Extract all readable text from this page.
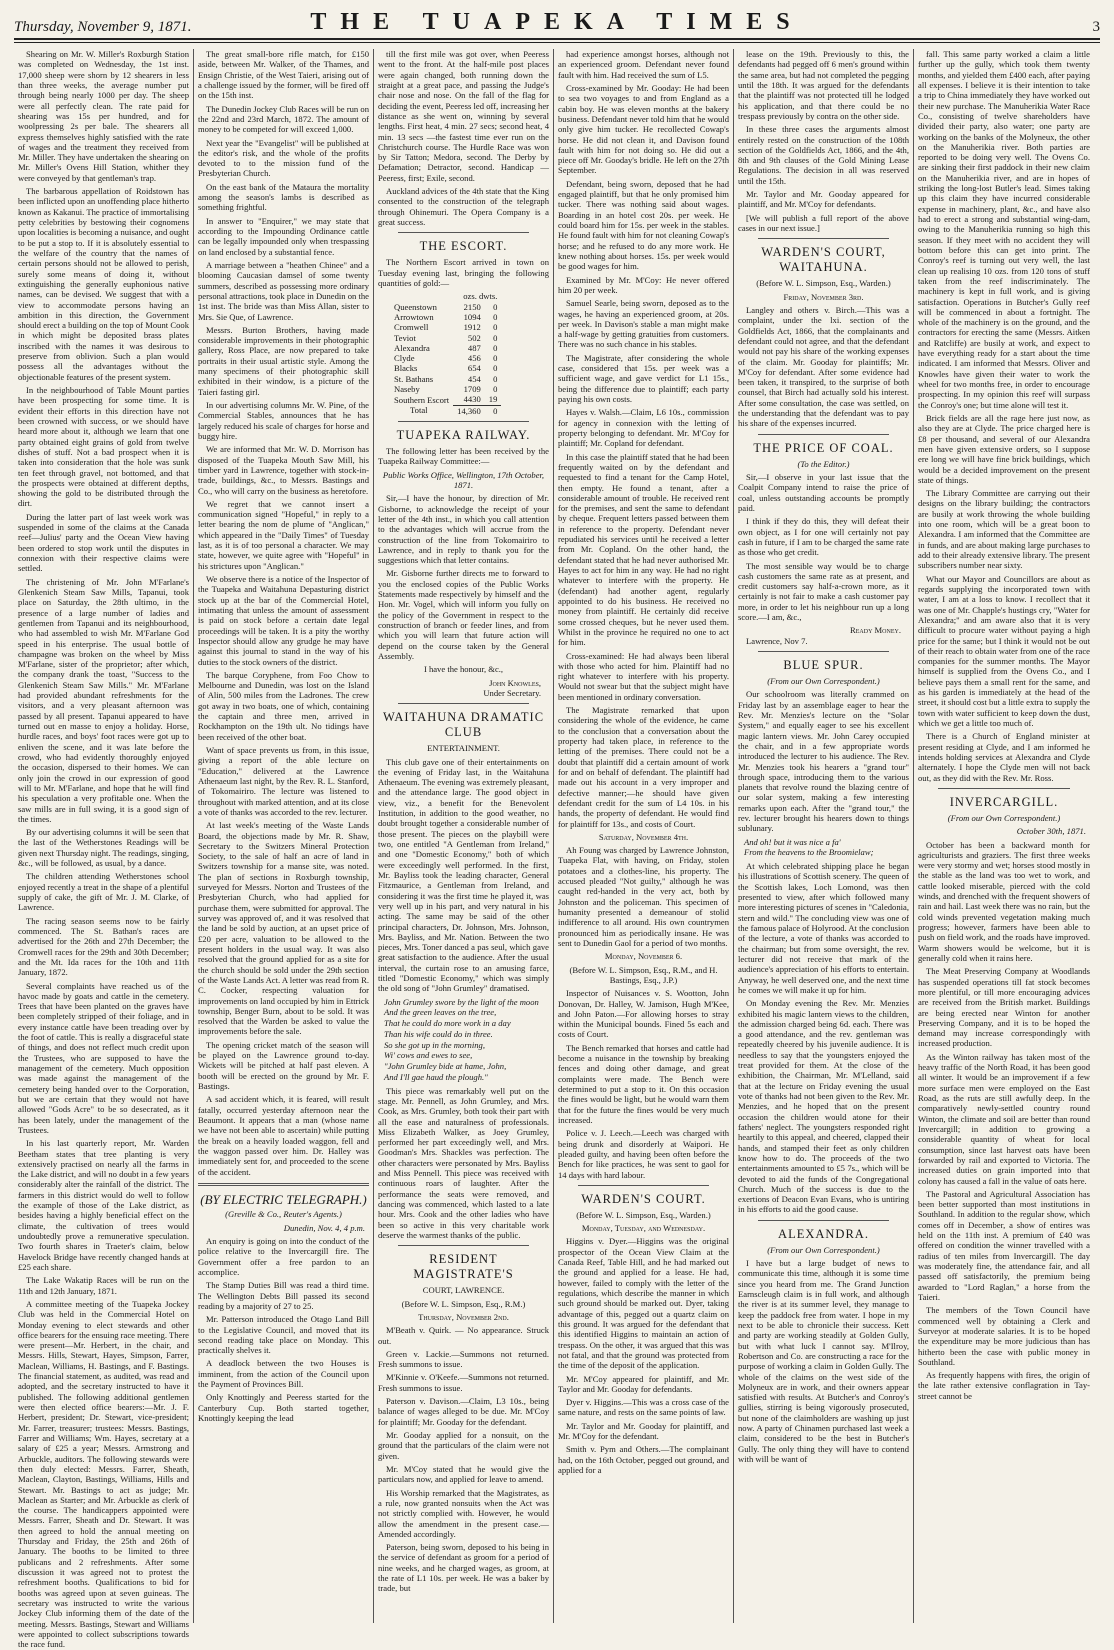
Thursday, November 9, 1871.	THE TUAPEKA TIMES	3

Shearing on Mr. W. Miller's Roxburgh Station was completed on Wednesday, the 1st inst. 17,000 sheep were shorn by 12 shearers in less than three weeks, the average number put through being nearly 1000 per day. The sheep were all perfectly clean. The rate paid for shearing was 15s per hundred, and for woolpressing 2s per bale. The shearers all express themselves highly satisfied with the rate of wages and the treatment they received from Mr. Miller. They have undertaken the shearing on Mr. Miller's Ovens Hill Station, whither they were conveyed by that gentleman's trap.

The barbarous appellation of Roidstown has been inflicted upon an unoffending place hitherto known as Kakanui. The practice of immortalising petty celebrities by bestowing their cognomens upon localities is becoming a nuisance, and ought to be put a stop to. If it is absolutely essential to the welfare of the country that the names of certain persons should not be allowed to perish, surely some means of doing it, without extinguishing the generally euphonious native names, can be devised. We suggest that with a view to accommodate persons having an ambition in this direction, the Government should erect a building on the top of Mount Cook in which might be deposited brass plates inscribed with the names it was desirous to preserve from oblivion. Such a plan would possess all the advantages without the objectionable features of the present system.

In the neighbourhood of Table Mount parties have been prospecting for some time. It is evident their efforts in this direction have not been crowned with success, or we should have heard more about it, although we learn that one party obtained eight grains of gold from twelve dishes of stuff. Not a bad prospect when it is taken into consideration that the hole was sunk ten feet through gravel, not bottomed, and that the prospects were obtained at different depths, showing the gold to be distributed through the dirt.

During the latter part of last week work was suspended in some of the claims at the Canada reef—Julius' party and the Ocean View having been ordered to stop work until the disputes in connexion with their respective claims were settled.

The christening of Mr. John M'Farlane's Glenkenich Steam Saw Mills, Tapanui, took place on Saturday, the 28th ultimo, in the presence of a large number of ladies and gentlemen from Tapanui and its neighbourhood, who had assembled to wish Mr. M'Farlane God speed in his enterprise. The usual bottle of champagne was broken on the wheel by Miss M'Farlane, sister of the proprietor; after which, the company drank the toast, "Success to the Glenkenich Steam Saw Mills." Mr. M'Farlane had provided abundant refreshments for the visitors, and a very pleasant afternoon was passed by all present. Tapanui appeared to have turned out en masse to enjoy a holiday. Horse, hurdle races, and boys' foot races were got up to enliven the scene, and it was late before the crowd, who had evidently thoroughly enjoyed the occasion, dispersed to their homes. We can only join the crowd in our expression of good will to Mr. M'Farlane, and hope that he will find his speculation a very profitable one. When the saw mills are in full swing, it is a good sign of the times.

By our advertising columns it will be seen that the last of the Wetherstones Readings will be given next Thursday night. The readings, singing, &c., will be followed, as usual, by a dance.

The children attending Wetherstones school enjoyed recently a treat in the shape of a plentiful supply of cake, the gift of Mr. J. M. Clarke, of Lawrence.

The racing season seems now to be fairly commenced. The St. Bathan's races are advertised for the 26th and 27th December; the Cromwell races for the 29th and 30th December; and the Mt. Ida races for the 10th and 11th January, 1872.

Several complaints have reached us of the havoc made by goats and cattle in the cemetery. Trees that have been planted on the graves have been completely stripped of their foliage, and in every instance cattle have been treading over by the foot of cattle. This is really a disgraceful state of things, and does not reflect much credit upon the Trustees, who are supposed to have the management of the cemetery. Much opposition was made against the management of the cemetery being handed over to the Corporation, but we are certain that they would not have allowed "Gods Acre" to be so desecrated, as it has been lately, under the management of the Trustees.

In his last quarterly report, Mr. Warden Beetham states that tree planting is very extensively practised on nearly all the farms in the Lake district, and will no doubt in a few years considerably alter the rainfall of the district. The farmers in this district would do well to follow the example of those of the Lake district, as besides having a highly beneficial effect on the climate, the cultivation of trees would undoubtedly prove a remunerative speculation. Two fourth shares in Traeter's claim, below Havelock Bridge have recently changed hands at £25 each share.

The Lake Wakatip Races will be run on the 11th and 12th January, 1871.

A committee meeting of the Tuapeka Jockey Club was held in the Commercial Hotel on Monday evening to elect stewards and other office bearers for the ensuing race meeting. There were present—Mr. Herbert, in the chair, and Messrs. Hills, Stewart, Hayes, Simpson, Farrer, Maclean, Williams, H. Bastings, and F. Bastings. The financial statement, as audited, was read and adopted, and the secretary instructed to have it published. The following additional gentlemen were then elected office bearers:—Mr. J. F. Herbert, president; Dr. Stewart, vice-president; Mr. Farrer, treasurer; trustees: Messrs. Bastings, Farrer and Williams; Wm. Hayes, secretary at a salary of £25 a year; Messrs. Armstrong and Arbuckle, auditors. The following stewards were then duly elected: Messrs. Farrer, Sheath, Maclean, Clayton, Bastings, Williams, Hills and Stewart. Mr. Bastings to act as judge; Mr. Maclean as Starter; and Mr. Arbuckle as clerk of the course. The handicappers appointed were Messrs. Farrer, Sheath and Dr. Stewart. It was then agreed to hold the annual meeting on Thursday and Friday, the 25th and 26th of January. The booths to be limited to three publicans and 2 refreshments. After some discussion it was agreed not to protest the refreshment booths. Qualifications to bid for booths was agreed upon at seven guineas. The secretary was instructed to write the various Jockey Club informing them of the date of the meeting. Messrs. Bastings, Stewart and Williams were appointed to collect subscriptions towards the race fund.

The great small-bore rifle match, for £150 aside, between Mr. Walker, of the Thames, and Ensign Christie, of the West Taieri, arising out of a challenge issued by the former, will be fired off on the 15th inst.

The Dunedin Jockey Club Races will be run on the 22nd and 23rd March, 1872. The amount of money to be competed for will exceed 1,000.

Next year the "Evangelist" will be published at the editor's risk, and the whole of the profits devoted to to the mission fund of the Presbyterian Church.

On the east bank of the Mataura the mortality among the season's lambs is described as something frightful.

In answer to "Enquirer," we may state that according to the Impounding Ordinance cattle can be legally impounded only when trespassing on land enclosed by a substantial fence.

A marriage between a "heathen Chinee" and a blooming Caucasian damsel of some twenty summers, described as possessing more ordinary personal attractions, took place in Dunedin on the 1st inst. The bride was than Miss Allan, sister to Mrs. Sie Que, of Lawrence.

Messrs. Burton Brothers, having made considerable improvements in their photographic gallery, Ross Place, are now prepared to take portraits in their usual artistic style. Among the many specimens of their photographic skill exhibited in their window, is a picture of the Taieri fasting girl.

In our advertising columns Mr. W. Pine, of the Commercial Stables, announces that he has largely reduced his scale of charges for horse and buggy hire.

We are informed that Mr. W. D. Morrison has disposed of the Tuapeka Mouth Saw Mill, his timber yard in Lawrence, together with stock-in-trade, buildings, &c., to Messrs. Bastings and Co., who will carry on the business as heretofore.

We regret that we cannot insert a communication signed "Hopeful," in reply to a letter bearing the nom de plume of "Anglican," which appeared in the "Daily Times" of Tuesday last, as it is of too personal a character. We may state, however, we quite agree with "Hopeful" in his strictures upon "Anglican."

We observe there is a notice of the Inspector of the Tuapeka and Waitahuna Depasturing district stock up at the bar of the Commercial Hotel, intimating that unless the amount of assessment is paid on stock before a certain date legal proceedings will be taken. It is a pity the worthy Inspector should allow any grudge he may have against this journal to stand in the way of his duties to the stock owners of the district.

The barque Coryphene, from Foo Chow to Melbourne and Dunedin, was lost on the Island of Alin, 500 miles from the Ladrones. The crew got away in two boats, one of which, containing the captain and three men, arrived in Rockhampton on the 19th ult. No tidings have been received of the other boat.

Want of space prevents us from, in this issue, giving a report of the able lecture on "Education," delivered at the Lawrence Athenaeum last night, by the Rev. R. L. Stanford, of Tokomairiro. The lecture was listened to throughout with marked attention, and at its close a vote of thanks was accorded to the rev. lecturer.

At last week's meeting of the Waste Lands Board, the objections made by Mr. R. Shaw, Secretary to the Switzers Mineral Protection Society, to the sale of half an acre of land in Switzers township for a manse site, was noted. The plan of sections in Roxburgh township, surveyed for Messrs. Norton and Trustees of the Presbyterian Church, who had applied for purchase them, were submitted for approval. The survey was approved of, and it was resolved that the land be sold by auction, at an upset price of £20 per acre, valuation to be allowed to the present holders in the usual way. It was also resolved that the ground applied for as a site for the church should be sold under the 29th section of the Waste Lands Act. A letter was read from R. C. Cocker, respecting valuation for improvements on land occupied by him in Ettrick township, Benger Burn, about to be sold. It was resolved that the Warden be asked to value the improvements before the sale.

The opening cricket match of the season will be played on the Lawrence ground to-day. Wickets will be pitched at half past eleven. A booth will be erected on the ground by Mr. F. Bastings.

A sad accident which, it is feared, will result fatally, occurred yesterday afternoon near the Beaumont. It appears that a man (whose name we have not been able to ascertain) while putting the break on a heavily loaded waggon, fell and the waggon passed over him. Dr. Halley was immediately sent for, and proceeded to the scene of the accident.

(BY ELECTRIC TELEGRAPH.)
(Greville & Co., Reuter's Agents.)
Dunedin, Nov. 4, 4 p.m.

An enquiry is going on into the conduct of the police relative to the Invercargill fire. The Government offer a free pardon to an accomplice.

The Stamp Duties Bill was read a third time. The Wellington Debts Bill passed its second reading by a majority of 27 to 25.

Mr. Patterson introduced the Otago Land Bill to the Legislative Council, and moved that its second reading take place on Monday. This practically shelves it.

A deadlock between the two Houses is imminent, from the action of the Council upon the Payment of Provinces Bill.

Only Knottingly and Peeress started for the Canterbury Cup. Both started together, Knottingly keeping the lead

till the first mile was got over, when Peeress went to the front. At the half-mile post places were again changed, both running down the straight at a great pace, and passing the Judge's chair nose and nose. On the fall of the flag for deciding the event, Peeress led off, increasing her distance as she went on, winning by several lengths. First heat, 4 min. 27 secs; second heat, 4 min. 13 secs —the fastest time ever run on the Christchurch course. The Hurdle Race was won by Sir Tatton; Medora, second. The Derby by Defamation; Detractor, second. Handicap — Peeress, first; Exile, second.

Auckland advices of the 4th state that the King consented to the construction of the telegraph through Ohinemuri. The Opera Company is a great success.

THE ESCORT.

The Northern Escort arrived in town on Tuesday evening last, bringing the following quantities of gold:—

	ozs. dwts.	
Queenstown	2150	0
Arrowtown	1094	0
Cromwell	1912	0
Teviot	502	0
Alexandra	487	0
Clyde	456	0
Blacks	654	0
St. Bathans	454	0
Naseby	1709	0
Southern Escort	4430	19
Total	14,360	0
TUAPEKA RAILWAY.

The following letter has been received by the Tuapeka Railway Committee:—

Public Works Office, Wellington, 17th October, 1871.

Sir,—I have the honour, by direction of Mr. Gisborne, to acknowledge the receipt of your letter of the 4th inst., in which you call attention to the advantages which will accrue from the construction of the line from Tokomairiro to Lawrence, and in reply to thank you for the suggestions which that letter contains.

Mr. Gisborne further directs me to forward to you the enclosed copies of the Public Works Statements made respectively by himself and the Hon. Mr. Vogel, which will inform you fully on the policy of the Government in respect to the construction of branch or feeder lines, and from which you will learn that future action will depend on the course taken by the General Assembly.

I have the honour, &c.,

John Knowles,
Under Secretary.
WAITAHUNA DRAMATIC CLUB
ENTERTAINMENT.

This club gave one of their entertainments on the evening of Friday last, in the Waitahuna Athenaeum. The evening was extremely pleasant, and the attendance large. The good object in view, viz., a benefit for the Benevolent Institution, in addition to the good weather, no doubt brought together a considerable number of those present. The pieces on the playbill were two, one entitled "A Gentleman from Ireland," and one "Domestic Economy," both of which were exceedingly well performed. In the first, Mr. Bayliss took the leading character, General Fitzmaurice, a Gentleman from Ireland, and considering it was the first time he played it, was very well up in his part, and very natural in his acting. The same may be said of the other principal characters, Dr. Johnson, Mrs. Johnson, Mrs. Bayliss, and Mr. Nation. Between the two pieces, Mrs. Toner danced a pas seul, which gave great satisfaction to the audience. After the usual interval, the curtain rose to an amusing farce, titled "Domestic Economy," which was simply the old song of "John Grumley" dramatised.

John Grumley swore by the light of the moon
And the green leaves on the tree,
That he could do more work in a day
Than his wife could do in three.
So she got up in the morning,
Wi' cows and ewes to see,
"John Grumley bide at hame, John,
And I'll gae haud the plough."

This piece was remarkably well put on the stage. Mr. Pennell, as John Grumley, and Mrs. Cook, as Mrs. Grumley, both took their part with all the ease and naturalness of professionals. Miss Elizabeth Walker, as Joey Grumley, performed her part exceedingly well, and Mrs. Goodman's Mrs. Shackles was perfection. The other characters were personated by Mrs. Bayliss and Miss Pennell. This piece was received with continuous roars of laughter. After the performance the seats were removed, and dancing was commenced, which lasted to a late hour. Mrs. Cook and the other ladies who have been so active in this very charitable work deserve the warmest thanks of the public.

RESIDENT MAGISTRATE'S
COURT, LAWRENCE.

(Before W. L. Simpson, Esq., R.M.)

Thursday, November 2nd.

M'Beath v. Quirk. — No appearance. Struck out.

Green v. Lackie.—Summons not returned. Fresh summons to issue.

M'Kinnie v. O'Keefe.—Summons not returned. Fresh summons to issue.

Paterson v. Davison.—Claim, L3 10s., being balance of wages alleged to be due. Mr. M'Coy for plaintiff; Mr. Gooday for the defendant.

Mr. Gooday applied for a nonsuit, on the ground that the particulars of the claim were not given.

Mr. M'Coy stated that he would give the particulars now, and applied for leave to amend.

His Worship remarked that the Magistrates, as a rule, now granted nonsuits when the Act was not strictly complied with. However, he would allow the amendment in the present case.—Amended accordingly.

Paterson, being sworn, deposed to his being in the service of defendant as groom for a period of nine weeks, and he charged wages, as groom, at the rate of L1 10s. per week. He was a baker by trade, but

had experience amongst horses, although not an experienced groom. Defendant never found fault with him. Had received the sum of L5.

Cross-examined by Mr. Gooday: He had been to sea two voyages to and from England as a cabin boy. He was eleven months at the bakery business. Defendant never told him that he would only give him tucker. He recollected Cowap's horse. He did not clean it, and Davison found fault with him for not doing so. He did out a piece off Mr. Gooday's bridle. He left on the 27th September.

Defendant, being sworn, deposed that he had engaged plaintiff, but that he only promised him tucker. There was nothing said about wages. Boarding in an hotel cost 20s. per week. He could board him for 15s. per week in the stables. He found fault with him for not cleaning Cowap's horse; and he refused to do any more work. He knew nothing about horses. 15s. per week would be good wages for him.

Examined by Mr. M'Coy: He never offered him 20 per week.

Samuel Searle, being sworn, deposed as to the wages, he having an experienced groom, at 20s. per week. In Davison's stable a man might make a half-wage by getting gratuities from customers. There was no such chance in his stables.

The Magistrate, after considering the whole case, considered that 15s. per week was a sufficient wage, and gave verdict for L1 15s., being the difference due to plaintiff; each party paying his own costs.

Hayes v. Walsh.—Claim, L6 10s., commission for agency in connexion with the letting of property belonging to defendant. Mr. M'Coy for plaintiff; Mr. Copland for defendant.

In this case the plaintiff stated that he had been frequently waited on by the defendant and requested to find a tenant for the Camp Hotel, then empty. He found a tenant, after a considerable amount of trouble. He received rent for the premises, and sent the same to defendant by cheque. Frequent letters passed between them in reference to the property. Defendant never repudiated his services until he received a letter from Mr. Copland. On the other hand, the defendant stated that he had never authorised Mr. Hayes to act for him in any way. He had no right whatever to interfere with the property. He (defendant) had another agent, regularly appointed to do his business. He received no money from plaintiff. He certainly did receive some crossed cheques, but he never used them. Whilst in the province he required no one to act for him.

Cross-examined: He had always been liberal with those who acted for him. Plaintiff had no right whatever to interfere with his property. Would not swear but that the subject might have been mentioned in ordinary conversation.

The Magistrate remarked that upon considering the whole of the evidence, he came to the conclusion that a conversation about the property had taken place, in reference to the letting of the premises. There could not be a doubt that plaintiff did a certain amount of work for and on behalf of defendant. The plaintiff had made out his account in a very improper and defective manner;—he should have given defendant credit for the sum of L4 10s. in his hands, the property of defendant. He would find for plaintiff for 13s., and costs of Court.

Saturday, November 4th.

Ah Foung was charged by Lawrence Johnston, Tuapeka Flat, with having, on Friday, stolen potatoes and a clothes-line, his property. The accused pleaded "Not guilty," although he was caught red-handed in the very act, both by Johnston and the policeman. This specimen of humanity presented a demeanour of stolid indifference to all around. His own countrymen pronounced him as periodically insane. He was sent to Dunedin Gaol for a period of two months.

Monday, November 6.

(Before W. L. Simpson, Esq., R.M., and H. Bastings, Esq., J.P.)

Inspector of Nuisances v. S. Wootton, John Donovan, Dr. Halley, W. Jamison, Hugh M'Kee, and John Paton.—For allowing horses to stray within the Municipal bounds. Fined 5s each and costs of Court.

The Bench remarked that horses and cattle had become a nuisance in the township by breaking fences and doing other damage, and great complaints were made. The Bench were determined to put a stop to it. On this occasion the fines would be light, but he would warn them that for the future the fines would be very much increased.

Police v. J. Leech.—Leech was charged with being drunk and disorderly at Waipori. He pleaded guilty, and having been often before the Bench for like practices, he was sent to gaol for 14 days with hard labour.

WARDEN'S COURT.

(Before W. L. Simpson, Esq., Warden.)

Monday, Tuesday, and Wednesday.

Higgins v. Dyer.—Higgins was the original prospector of the Ocean View Claim at the Canada Reef, Table Hill, and he had marked out the ground and applied for a lease. He had, however, failed to comply with the letter of the regulations, which describe the manner in which such ground should be marked out. Dyer, taking advantage of this, pegged out a quartz claim on this ground. It was argued for the defendant that this identified Higgins to maintain an action of trespass. On the other, it was argued that this was not fatal, and that the ground was protected from the time of the deposit of the application.

Mr. M'Coy appeared for plaintiff, and Mr. Taylor and Mr. Gooday for defendants.

Dyer v. Higgins.—This was a cross case of the same nature, and rests on the same points of law.

Mr. Taylor and Mr. Gooday for plaintiff, and Mr. M'Coy for the defendant.

Smith v. Pym and Others.—The complainant had, on the 16th October, pegged out ground, and applied for a

lease on the 19th. Previously to this, the defendants had pegged off 6 men's ground within the same area, but had not completed the pegging until the 18th. It was argued for the defendants that the plaintiff was not protected till he lodged his application, and that there could be no trespass previously by contra on the other side.

In these three cases the arguments almost entirely rested on the construction of the 108th section of the Goldfields Act, 1866, and the 4th, 8th and 9th clauses of the Gold Mining Lease Regulations. The decision in all was reserved until the 15th.

Mr. Taylor and Mr. Gooday appeared for plaintiff, and Mr. M'Coy for defendants.

[We will publish a full report of the above cases in our next issue.]

WARDEN'S COURT, WAITAHUNA.

(Before W. L. Simpson, Esq., Warden.)

Friday, November 3rd.

Langley and others v. Birch.—This was a complaint, under the lxi. section of the Goldfields Act, 1866, that the complainants and defendant could not agree, and that the defendant would not pay his share of the working expenses of the claim. Mr. Gooday for plaintiffs; Mr. M'Coy for defendant. After some evidence had been taken, it transpired, to the surprise of both counsel, that Birch had actually sold his interest. After some consultation, the case was settled, on the understanding that the defendant was to pay his share of the expenses incurred.

THE PRICE OF COAL.

(To the Editor.)

Sir,—I observe in your last issue that the Coalpit Company intend to raise the price of coal, unless outstanding accounts be promptly paid.

I think if they do this, they will defeat their own object, as I for one will certainly not pay cash in future, if I am to be charged the same rate as those who get credit.

The most sensible way would be to charge cash customers the same rate as at present, and credit customers say half-a-crown more, as it certainly is not fair to make a cash customer pay more, in order to let his neighbour run up a long score.—I am, &c.,

Ready Money.

Lawrence, Nov 7.

BLUE SPUR.

(From our Own Correspondent.)

Our schoolroom was literally crammed on Friday last by an assemblage eager to hear the Rev. Mr. Menzies's lecture on the "Solar System," and equally eager to see his excellent magic lantern views. Mr. John Carey occupied the chair, and in a few appropriate words introduced the lecturer to his audience. The Rev. Mr. Menzies took his hearers a "grand tour" through space, introducing them to the various planets that revolve round the blazing centre of our solar system, making a few interesting remarks upon each. After the "grand tour," the rev. lecturer brought his hearers down to things sublunary.

And oh! but it was nice a fa'
From the heavens to the Broomielaw;

At which celebrated shipping place he began his illustrations of Scottish scenery. The queen of the Scottish lakes, Loch Lomond, was then presented to view, after which followed many more interesting pictures of scenes in "Caledonia, stern and wild." The concluding view was one of the famous palace of Holyrood. At the conclusion of the lecture, a vote of thanks was accorded to the chairman; but from some oversight, the rev. lecturer did not receive that mark of the audience's appreciation of his efforts to entertain. Anyway, he well deserved one, and the next time he comes we will make it up for him.

On Monday evening the Rev. Mr. Menzies exhibited his magic lantern views to the children, the admission charged being 6d. each. There was a good attendance, and the rev. gentleman was repeatedly cheered by his juvenile audience. It is needless to say that the youngsters enjoyed the treat provided for them. At the close of the exhibition, the Chairman, Mr. M'Lelland, said that at the lecture on Friday evening the usual vote of thanks had not been given to the Rev. Mr. Menzies, and he hoped that on the present occasion the children would atone for their fathers' neglect. The youngsters responded right heartily to this appeal, and cheered, clapped their hands, and stamped their feet as only children know how to do. The proceeds of the two entertainments amounted to £5 7s., which will be devoted to aid the funds of the Congregational Church. Much of the success is due to the exertions of Deacon Evan Evans, who is untiring in his efforts to aid the good cause.

ALEXANDRA.

(From our Own Correspondent.)

I have but a large budget of news to communicate this time, although it is some time since you heard from me. The Grand Junction Earnscleugh claim is in full work, and although the river is at its summer level, they manage to keep the paddock free from water. I hope in my next to be able to chronicle their success. Kett and party are working steadily at Golden Gully, but with what luck I cannot say. M'Ilroy, Robertson and Co. are constructing a race for the purpose of working a claim in Golden Gully. The whole of the claims on the west side of the Molyneux are in work, and their owners appear satisfied with results. At Butcher's and Conroy's gullies, stirring is being vigorously prosecuted, but none of the claimholders are washing up just now. A party of Chinamen purchased last week a claim, considered to be the best in Butcher's Gully. The only thing they will have to contend with will be want of

fall. This same party worked a claim a little further up the gully, which took them twenty months, and yielded them £400 each, after paying all expenses. I believe it is their intention to take a trip to China immediately they have worked out their new purchase. The Manuherikia Water Race Co., consisting of twelve shareholders have divided their party, also water; one party are working on the banks of the Molyneux, the other on the Manuherikia river. Both parties are reported to be doing very well. The Ovens Co. are sinking their first paddock in their new claim on the Manuherikia river, and are in hopes of striking the long-lost Butler's lead. Simes taking up this claim they have incurred considerable expense in machinery, plant, &c., and have also had to erect a strong and substantial wing-dam, owing to the Manuherikia running so high this season. If they meet with no accident they will bottom before this can get into print. The Conroy's reef is turning out very well, the last clean up realising 10 ozs. from 120 tons of stuff taken from the reef indiscriminately. The machinery is kept in full work, and is giving satisfaction. Operations in Butcher's Gully reef will be commenced in about a fortnight. The whole of the machinery is on the ground, and the contractors for erecting the same (Messrs. Aitken and Ratcliffe) are busily at work, and expect to have everything ready for a start about the time indicated. I am informed that Messrs. Oliver and Knowles have given their water to work the wheel for two months free, in order to encourage prospecting. In my opinion this reef will surpass the Conroy's one; but time alone will test it.

Brick fields are all the rage here just now, as also they are at Clyde. The price charged here is £8 per thousand, and several of our Alexandra men have given extensive orders, so I suppose ere long we will have fine brick buildings, which would be a decided improvement on the present state of things.

The Library Committee are carrying out their designs on the library building; the contractors are busily at work throwing the whole building into one room, which will be a great boon to Alexandra. I am informed that the Committee are in funds, and are about making large purchases to add to their already extensive library. The present subscribers number near sixty.

What our Mayor and Councillors are about as regards supplying the incorporated town with water, I am at a loss to know. I recollect that it was one of Mr. Chapple's hustings cry, "Water for Alexandra;" and am aware also that it is very difficult to procure water without paying a high price for the same; but I think it would not be out of their reach to obtain water from one of the race companies for the summer months. The Mayor himself is supplied from the Ovens Co., and I believe pays them a small rent for the same, and as his garden is immediately at the head of the street, it should cost but a little extra to supply the town with water sufficient to keep down the dust, which we get a little too much of.

There is a Church of England minister at present residing at Clyde, and I am informed he intends holding services at Alexandra and Clyde alternately. I hope the Clyde men will not back out, as they did with the Rev. Mr. Ross.

INVERCARGILL.

(From our Own Correspondent.)

October 30th, 1871.

October has been a backward month for agriculturists and graziers. The first three weeks were very stormy and wet; horses stood mostly in the stable as the land was too wet to work, and cattle looked miserable, pierced with the cold winds, and drenched with the frequent showers of rain and hail. Last week there was no rain, but the cold winds prevented vegetation making much progress; however, farmers have been able to push on field work, and the roads have improved. Warm showers would be welcome, but it is generally cold when it rains here.

The Meat Preserving Company at Woodlands has suspended operations till fat stock becomes more plentiful, or till more encouraging advices are received from the British market. Buildings are being erected near Winton for another Preserving Company, and it is to be hoped the demand may increase correspondingly with increased production.

As the Winton railway has taken most of the heavy traffic of the North Road, it has been good all winter. It would be an improvement if a few more surface men were employed on the East Road, as the ruts are still awfully deep. In the comparatively newly-settled country round Winton, the climate and soil are better than round Invercargill; in addition to growing a considerable quantity of wheat for local consumption, since last harvest oats have been forwarded by rail and exported to Victoria. The increased duties on grain imported into that colony has caused a fall in the value of oats here.

The Pastoral and Agricultural Association has been better supported than most institutions in Southland. In addition to the regular show, which comes off in December, a show of entires was held on the 11th inst. A premium of £40 was offered on condition the winner travelled with a radius of ten miles from Invercargill. The day was moderately fine, the attendance fair, and all passed off satisfactorily, the premium being awarded to "Lord Raglan," a horse from the Taieri.

The members of the Town Council have commenced well by obtaining a Clerk and Surveyor at moderate salaries. It is to be hoped the expenditure may be more judicious than has hitherto been the case with public money in Southland.

As frequently happens with fires, the origin of the late rather extensive conflagration in Tay-street cannot be
